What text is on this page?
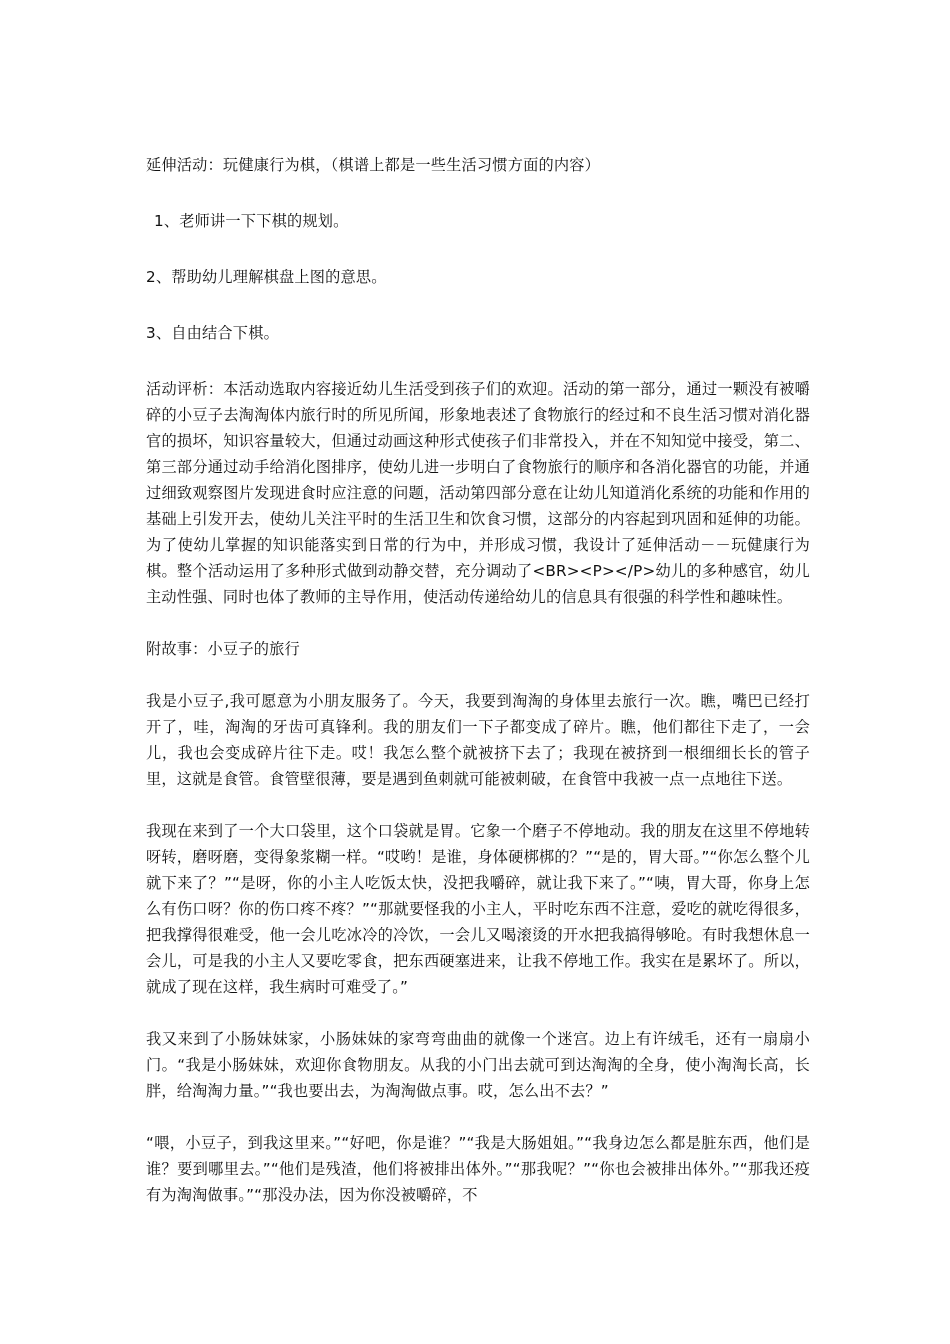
延伸活动：玩健康行为棋，（棋谱上都是一些生活习惯方面的内容）

1、老师讲一下下棋的规划。

2、帮助幼儿理解棋盘上图的意思。

3、自由结合下棋。

活动评析：本活动选取内容接近幼儿生活受到孩子们的欢迎。活动的第一部分，通过一颗没有被嚼碎的小豆子去淘淘体内旅行时的所见所闻，形象地表述了食物旅行的经过和不良生活习惯对消化器官的损坏，知识容量较大，但通过动画这种形式使孩子们非常投入，并在不知知觉中接受，第二、第三部分通过动手给消化图排序，使幼儿进一步明白了食物旅行的顺序和各消化器官的功能，并通过细致观察图片发现进食时应注意的问题，活动第四部分意在让幼儿知道消化系统的功能和作用的基础上引发开去，使幼儿关注平时的生活卫生和饮食习惯，这部分的内容起到巩固和延伸的功能。为了使幼儿掌握的知识能落实到日常的行为中，并形成习惯，我设计了延伸活动－－玩健康行为棋。整个活动运用了多种形式做到动静交替，充分调动了<BR><P></P>幼儿的多种感官，幼儿主动性强、同时也体了教师的主导作用，使活动传递给幼儿的信息具有很强的科学性和趣味性。

附故事：小豆子的旅行

我是小豆子,我可愿意为小朋友服务了。今天，我要到淘淘的身体里去旅行一次。瞧，嘴巴已经打开了，哇，淘淘的牙齿可真锋利。我的朋友们一下子都变成了碎片。瞧，他们都往下走了，一会儿，我也会变成碎片往下走。哎！我怎么整个就被挤下去了；我现在被挤到一根细细长长的管子里，这就是食管。食管壁很薄，要是遇到鱼刺就可能被刺破，在食管中我被一点一点地往下送。

我现在来到了一个大口袋里，这个口袋就是胃。它象一个磨子不停地动。我的朋友在这里不停地转呀转，磨呀磨，变得象浆糊一样。“哎哟！是谁，身体硬梆梆的？”“是的，胃大哥。”“你怎么整个儿就下来了？”“是呀，你的小主人吃饭太快，没把我嚼碎，就让我下来了。”“咦，胃大哥，你身上怎么有伤口呀？你的伤口疼不疼？”“那就要怪我的小主人，平时吃东西不注意，爱吃的就吃得很多，把我撑得很难受，他一会儿吃冰冷的冷饮，一会儿又喝滚烫的开水把我搞得够呛。有时我想休息一会儿，可是我的小主人又要吃零食，把东西硬塞进来，让我不停地工作。我实在是累坏了。所以，就成了现在这样，我生病时可难受了。”

我又来到了小肠妹妹家，小肠妹妹的家弯弯曲曲的就像一个迷宫。边上有许绒毛，还有一扇扇小门。“我是小肠妹妹，欢迎你食物朋友。从我的小门出去就可到达淘淘的全身，使小淘淘长高，长胖，给淘淘力量。”“我也要出去，为淘淘做点事。哎，怎么出不去？”

“喂，小豆子，到我这里来。”“好吧，你是谁？”“我是大肠姐姐。”“我身边怎么都是脏东西，他们是谁？要到哪里去。”“他们是残渣，他们将被排出体外。”“那我呢？”“你也会被排出体外。”“那我还疫有为淘淘做事。”“那没办法，因为你没被嚼碎，不
